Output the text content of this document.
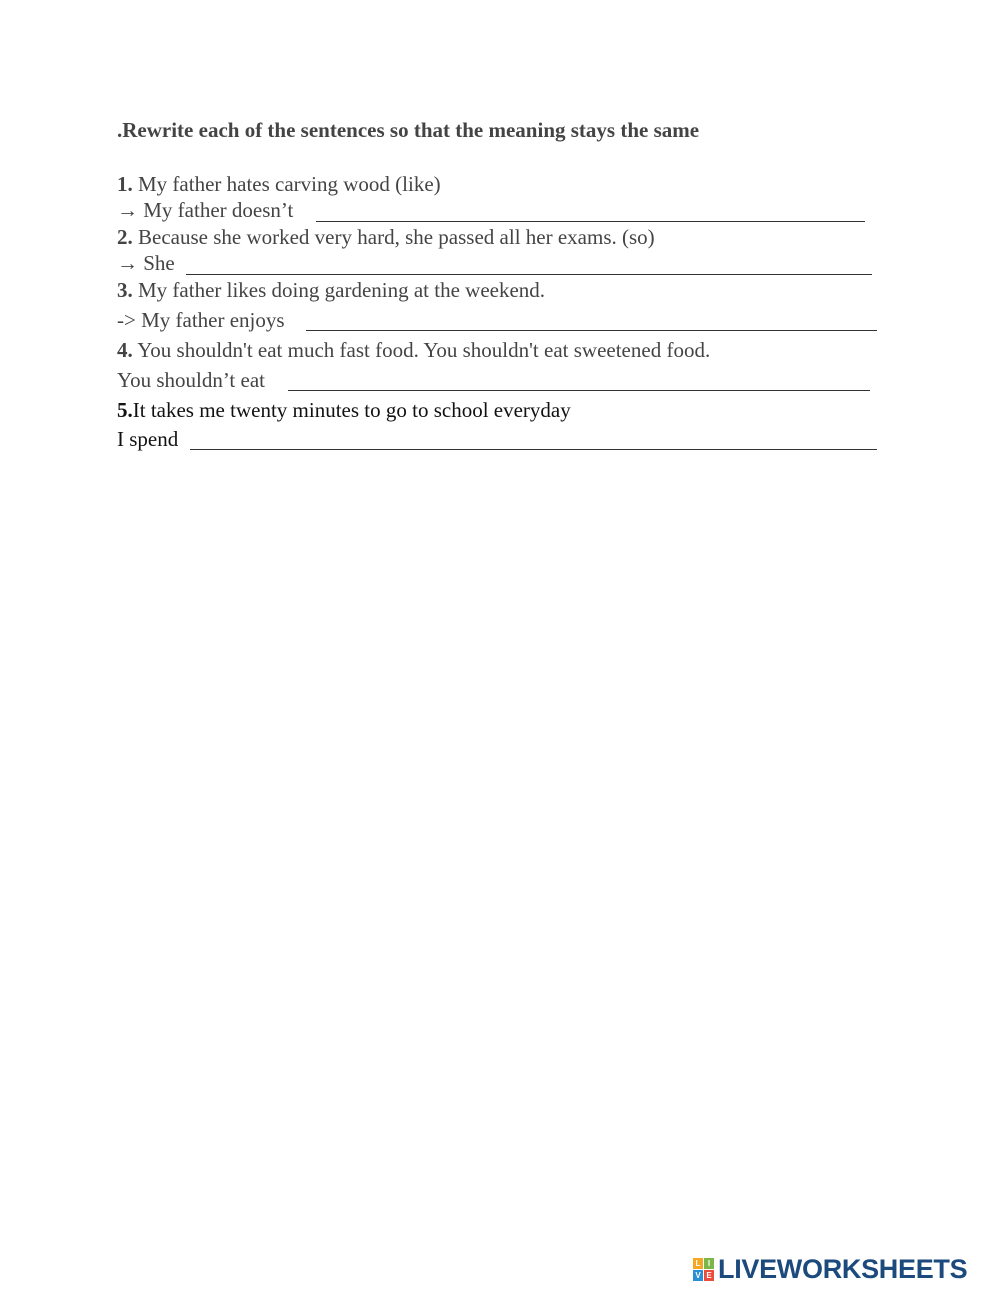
.Rewrite each of the sentences so that the meaning stays the same
1. My father hates carving wood (like)
→ My father doesn’t
2. Because she worked very hard, she passed all her exams. (so)
→ She
3. My father likes doing gardening at the weekend.
-> My father enjoys
4. You shouldn't eat much fast food. You shouldn't eat sweetened food.
You shouldn’t eat
5.It takes me twenty minutes to go to school everyday
I spend
L I
V E LIVEWORKSHEETS
